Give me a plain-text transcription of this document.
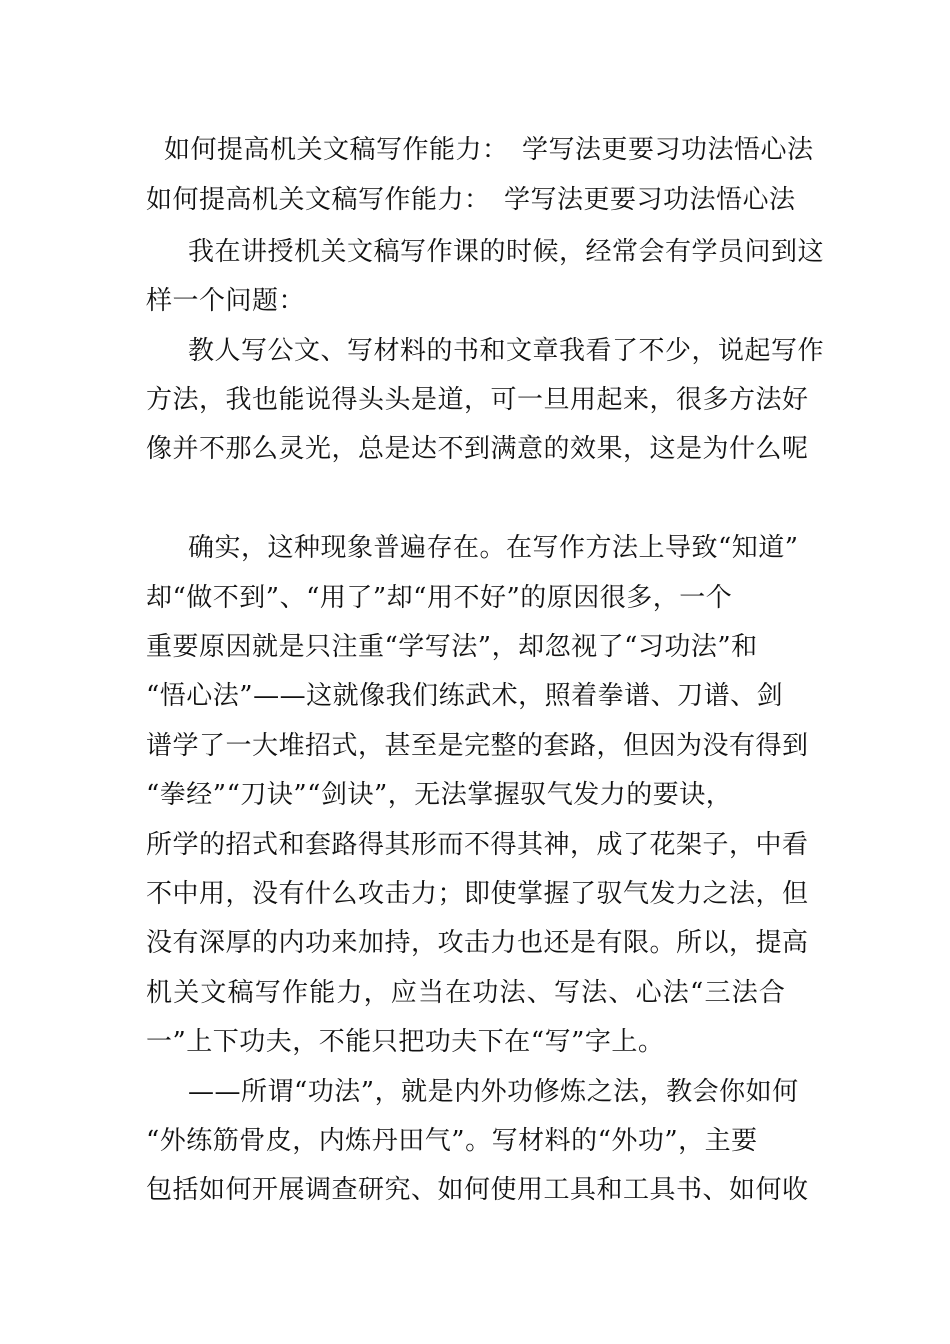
如何提高机关文稿写作能力：　学写法更要习功法悟心法
如何提高机关文稿写作能力：　学写法更要习功法悟心法
我在讲授机关文稿写作课的时候，经常会有学员问到这
样一个问题：
教人写公文、写材料的书和文章我看了不少，说起写作
方法，我也能说得头头是道，可一旦用起来，很多方法好
像并不那么灵光，总是达不到满意的效果，这是为什么呢
确实，这种现象普遍存在。在写作方法上导致“知道”
却“做不到”、“用了”却“用不好”的原因很多，一个
重要原因就是只注重“学写法”，却忽视了“习功法”和
“悟心法”——这就像我们练武术，照着拳谱、刀谱、剑
谱学了一大堆招式，甚至是完整的套路，但因为没有得到
“拳经”“刀诀”“剑诀”，无法掌握驭气发力的要诀，
所学的招式和套路得其形而不得其神，成了花架子，中看
不中用，没有什么攻击力；即使掌握了驭气发力之法，但
没有深厚的内功来加持，攻击力也还是有限。所以，提高
机关文稿写作能力，应当在功法、写法、心法“三法合
一”上下功夫，不能只把功夫下在“写”字上。
——所谓“功法”，就是内外功修炼之法，教会你如何
“外练筋骨皮，内炼丹田气”。写材料的“外功”，主要
包括如何开展调查研究、如何使用工具和工具书、如何收
